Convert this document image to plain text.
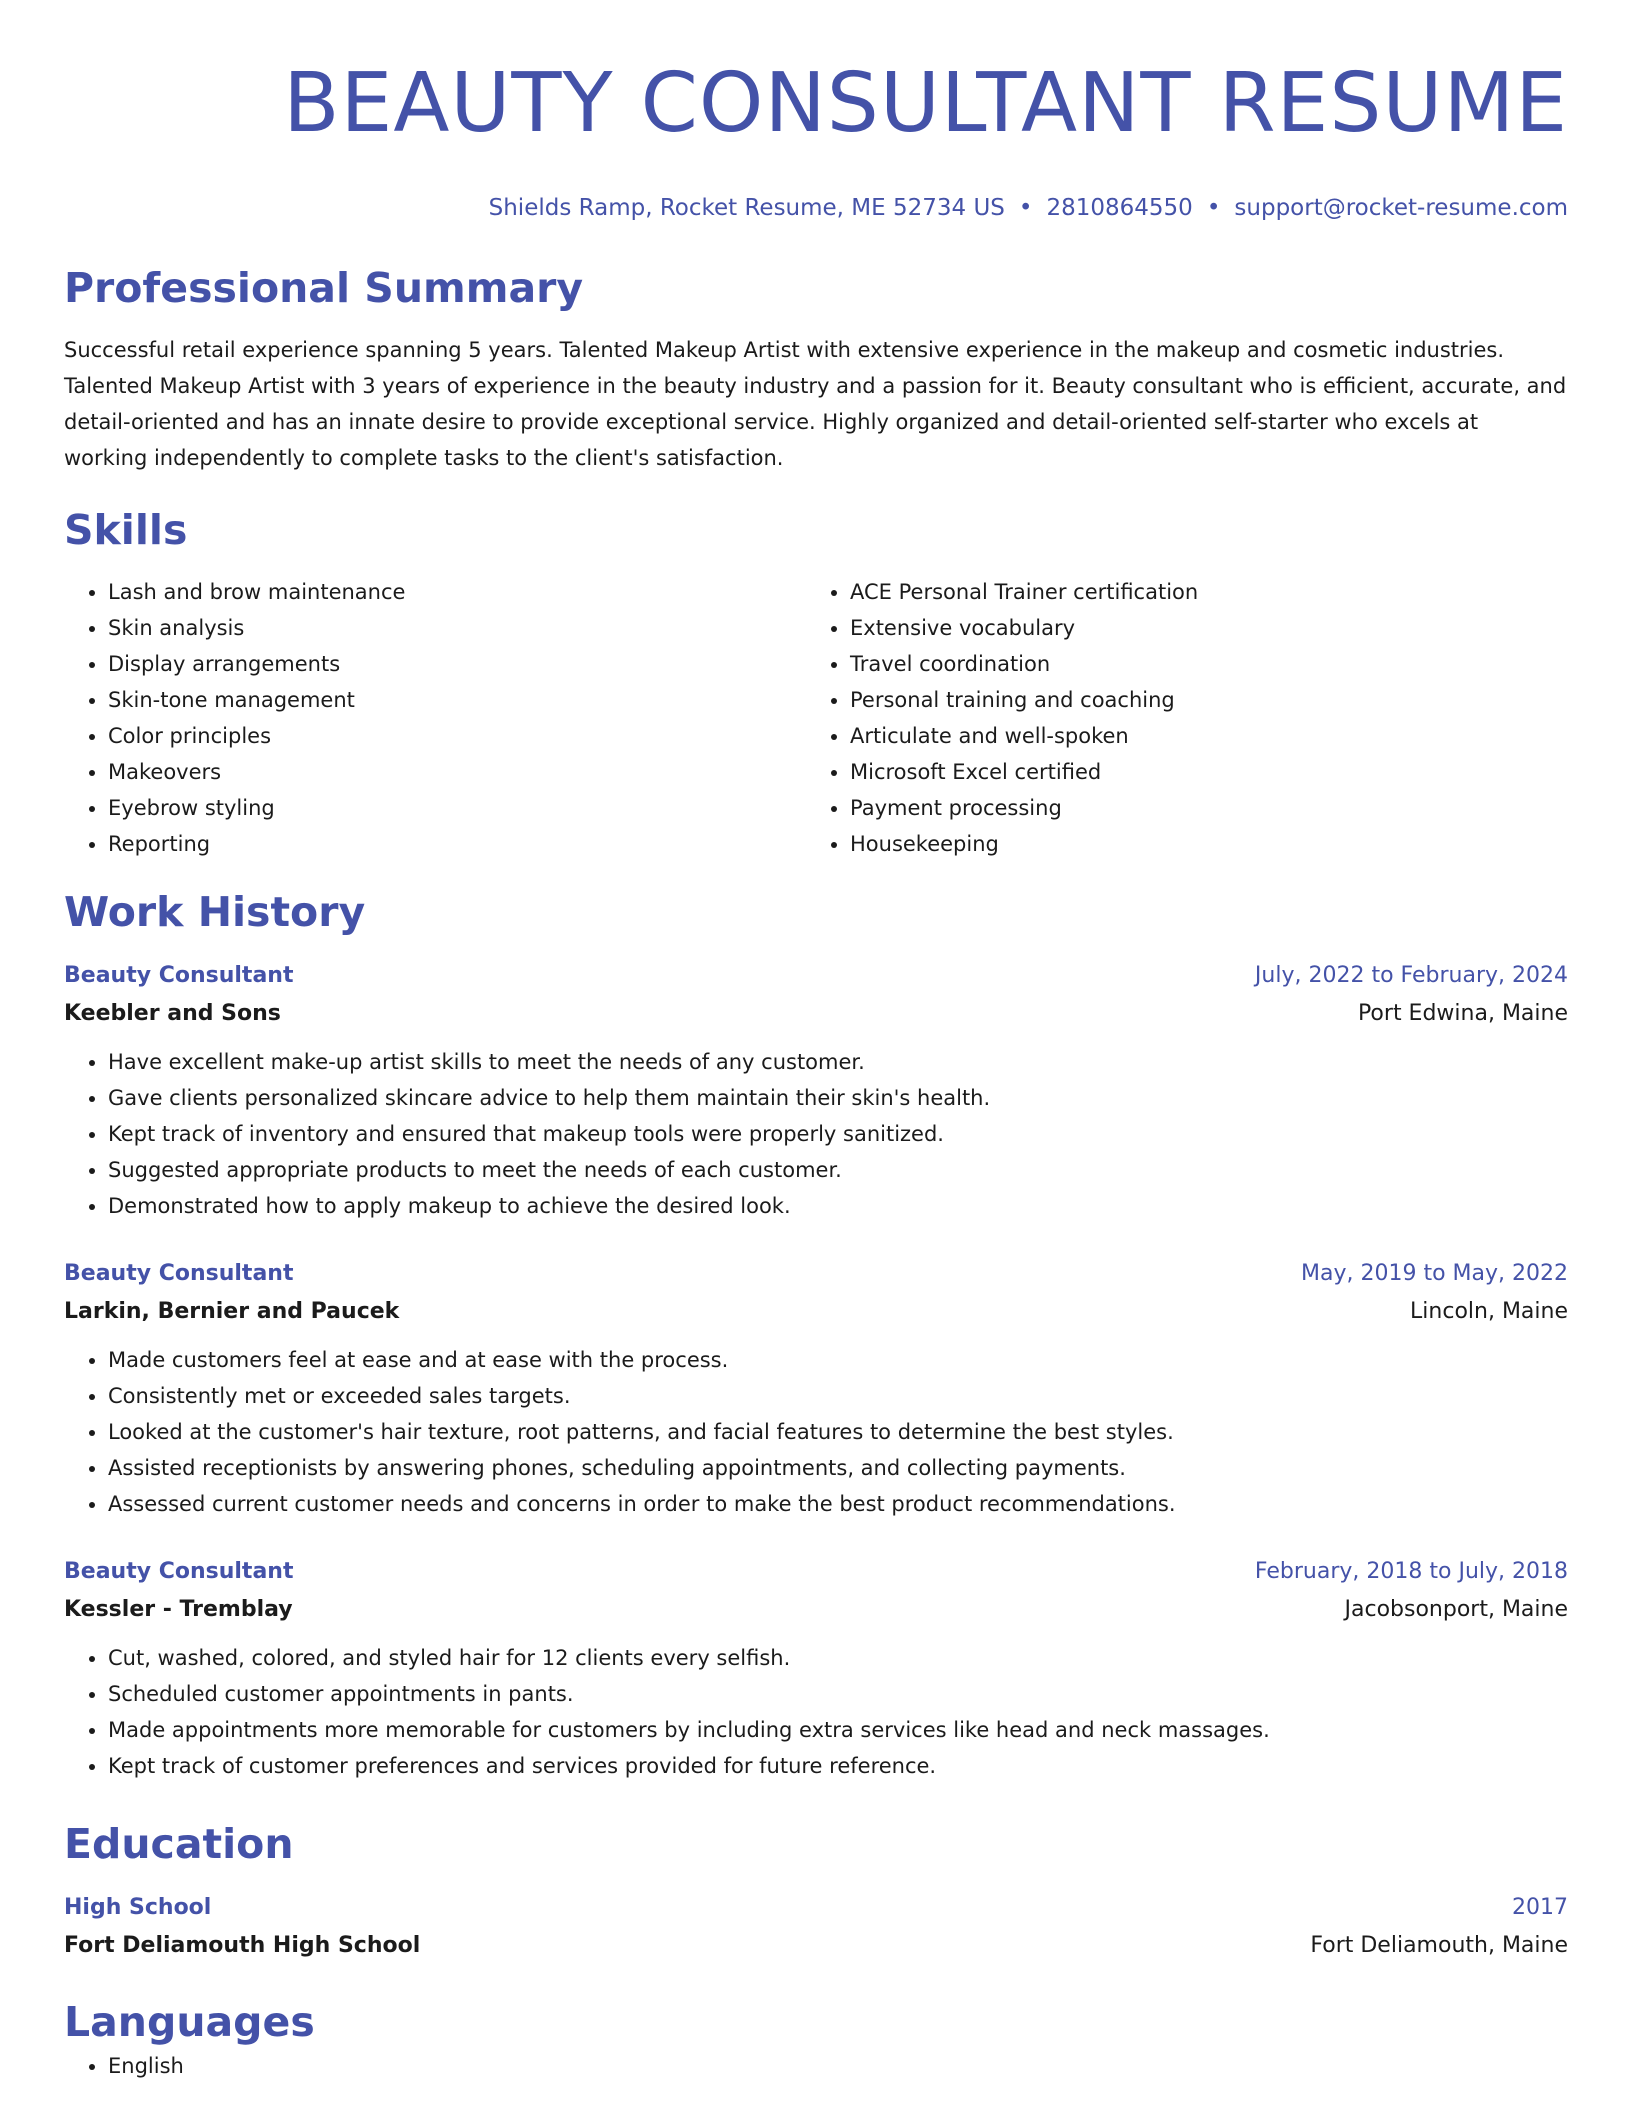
BEAUTY CONSULTANT RESUME
Shields Ramp, Rocket Resume, ME 52734 US • 2810864550 • support@rocket-resume.com
Professional Summary
Successful retail experience spanning 5 years. Talented Makeup Artist with extensive experience in the makeup and cosmetic industries. Talented Makeup Artist with 3 years of experience in the beauty industry and a passion for it. Beauty consultant who is efficient, accurate, and detail-oriented and has an innate desire to provide exceptional service. Highly organized and detail-oriented self-starter who excels at working independently to complete tasks to the client's satisfaction.
Skills
• Lash and brow maintenance
• Skin analysis
• Display arrangements
• Skin-tone management
• Color principles
• Makeovers
• Eyebrow styling
• Reporting
• ACE Personal Trainer certification
• Extensive vocabulary
• Travel coordination
• Personal training and coaching
• Articulate and well-spoken
• Microsoft Excel certified
• Payment processing
• Housekeeping
Work History
Beauty Consultant	July, 2022 to February, 2024
Keebler and Sons	Port Edwina, Maine
• Have excellent make-up artist skills to meet the needs of any customer.
• Gave clients personalized skincare advice to help them maintain their skin's health.
• Kept track of inventory and ensured that makeup tools were properly sanitized.
• Suggested appropriate products to meet the needs of each customer.
• Demonstrated how to apply makeup to achieve the desired look.
Beauty Consultant	May, 2019 to May, 2022
Larkin, Bernier and Paucek	Lincoln, Maine
• Made customers feel at ease and at ease with the process.
• Consistently met or exceeded sales targets.
• Looked at the customer's hair texture, root patterns, and facial features to determine the best styles.
• Assisted receptionists by answering phones, scheduling appointments, and collecting payments.
• Assessed current customer needs and concerns in order to make the best product recommendations.
Beauty Consultant	February, 2018 to July, 2018
Kessler - Tremblay	Jacobsonport, Maine
• Cut, washed, colored, and styled hair for 12 clients every selfish.
• Scheduled customer appointments in pants.
• Made appointments more memorable for customers by including extra services like head and neck massages.
• Kept track of customer preferences and services provided for future reference.
Education
High School	2017
Fort Deliamouth High School	Fort Deliamouth, Maine
Languages
• English
